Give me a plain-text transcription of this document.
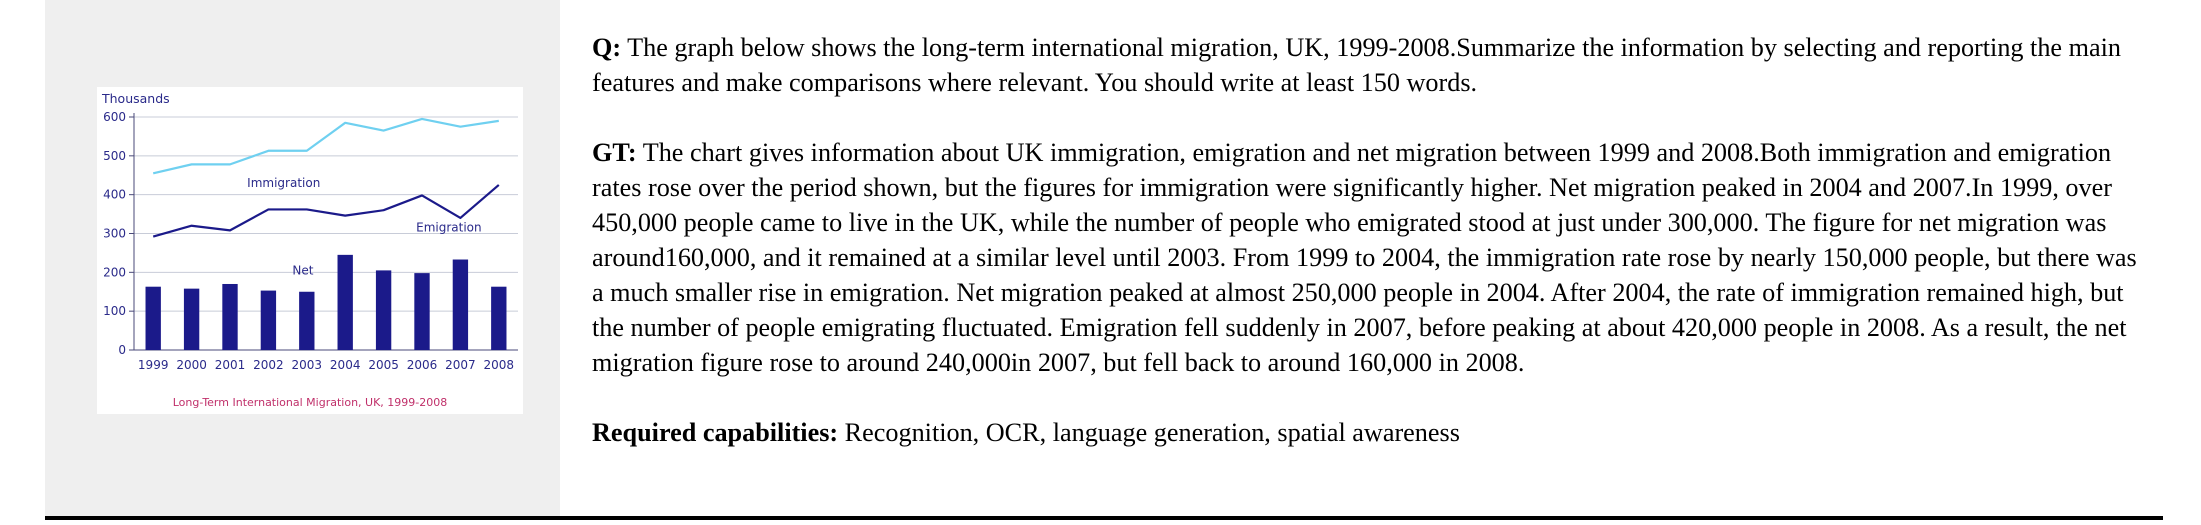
Thousands
0
100
200
300
400
500
600
Immigration
Emigration
Net
1999 2000 2001 2002 2003 2004 2005 2006 2007 2008
Long-Term International Migration, UK, 1999-2008

Q: The graph below shows the long-term international migration, UK, 1999-2008.Summarize the information by selecting and reporting the main features and make comparisons where relevant. You should write at least 150 words.

GT: The chart gives information about UK immigration, emigration and net migration between 1999 and 2008.Both immigration and emigration rates rose over the period shown, but the figures for immigration were significantly higher. Net migration peaked in 2004 and 2007.In 1999, over 450,000 people came to live in the UK, while the number of people who emigrated stood at just under 300,000. The figure for net migration was around160,000, and it remained at a similar level until 2003. From 1999 to 2004, the immigration rate rose by nearly 150,000 people, but there was a much smaller rise in emigration. Net migration peaked at almost 250,000 people in 2004. After 2004, the rate of immigration remained high, but the number of people emigrating fluctuated. Emigration fell suddenly in 2007, before peaking at about 420,000 people in 2008. As a result, the net migration figure rose to around 240,000in 2007, but fell back to around 160,000 in 2008.

Required capabilities: Recognition, OCR, language generation, spatial awareness
